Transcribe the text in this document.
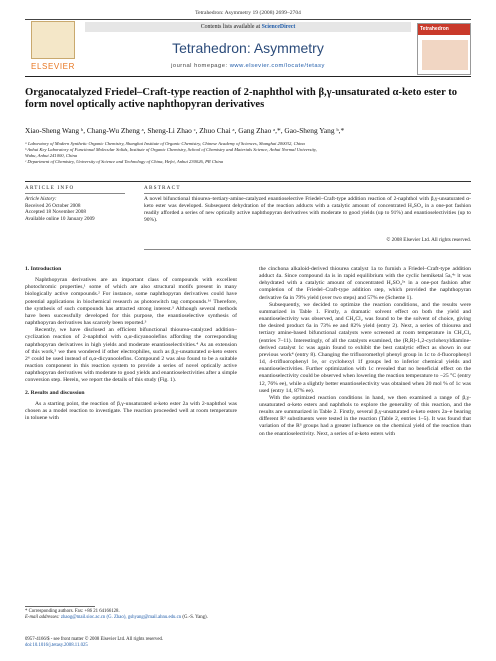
Tetrahedron: Asymmetry 19 (2008) 2699–2704
ELSEVIER
Contents lists available at ScienceDirect
Tetrahedron: Asymmetry
journal homepage: www.elsevier.com/locate/tetasy
Tetrahedron
Organocatalyzed Friedel–Craft-type reaction of 2-naphthol with β,γ-unsaturated α-keto ester to form novel optically active naphthopyran derivatives
Xiao-Sheng Wang ᵇ, Chang-Wu Zheng ᵃ, Sheng-Li Zhao ᶜ, Zhuo Chai ᵃ, Gang Zhao ᵃ,*, Gao-Sheng Yang ᵇ,*
ᵃ Laboratory of Modern Synthetic Organic Chemistry, Shanghai Institute of Organic Chemistry, Chinese Academy of Sciences, Shanghai 200032, China
ᵇ Anhui Key Laboratory of Functional Molecular Solids, Institute of Organic Chemistry, School of Chemistry and Materials Science, Anhui Normal University,
Wuhu, Anhui 241000, China
ᶜ Department of Chemistry, University of Science and Technology of China, Hefei, Anhui 230026, PR China
ARTICLE INFO
Article history:
Received 26 October 2008
Accepted 18 November 2008
Available online 10 January 2009
ABSTRACT
A novel bifunctional thiourea–tertiary-amine-catalyzed enantioselective Friedel–Craft-type addition reaction of 2-naphthol with β,γ-unsaturated α-keto ester was developed. Subsequent dehydration of the reaction adducts with a catalytic amount of concentrated H₂SO₄ in a one-pot fashion readily afforded a series of new optically active naphthopyran derivatives with moderate to good yields (up to 91%) and enantioselectivities (up to 90%).
© 2008 Elsevier Ltd. All rights reserved.

1. Introduction

Naphthopyran derivatives are an important class of compounds with excellent photochromic properties,¹ some of which are also structural motifs present in many biologically active compounds.² For instance, some naphthopyran derivatives could have potential applications in biochemical research as photoswitch tag compounds.¹ᵈ Therefore, the synthesis of such compounds has attracted strong interest.³ Although several methods have been successfully developed for this purpose, the enantioselective synthesis of naphthopyran derivatives has scarcely been reported.³

Recently, we have disclosed an efficient bifunctional thiourea-catalyzed addition–cyclization reaction of 2-naphthol with α,α-dicyanoolefins affording the corresponding naphthopyran derivatives in high yields and moderate enantioselectivities.⁴ As an extension of this work,⁵ we then wondered if other electrophiles, such as β,γ-unsaturated α-keto esters 2⁶ could be used instead of α,α-dicyanoolefins. Compound 2 was also found to be a suitable reaction component in this reaction system to provide a series of novel optically active naphthopyran derivatives with moderate to good yields and enantioselectivities after a simple conversion step. Herein, we report the details of this study (Fig. 1).

2. Results and discussion

As a starting point, the reaction of β,γ-unsaturated α-keto ester 2a with 2-naphthol was chosen as a model reaction to investigate. The reaction proceeded well at room temperature in toluene with

the cinchona alkaloid-derived thiourea catalyst 1a to furnish a Friedel–Craft-type addition adduct 4a. Since compound 4a is in rapid equilibrium with the cyclic hemiketal 5a,⁴ᶜ it was dehydrated with a catalytic amount of concentrated H₂SO₄⁵ᵃ in a one-pot fashion after completion of the Friedel–Craft-type addition step, which provided the naphthopyran derivative 6a in 79% yield (over two steps) and 57% ee (Scheme 1).

Subsequently, we decided to optimize the reaction conditions, and the results were summarized in Table 1. Firstly, a dramatic solvent effect on both the yield and enantioselectivity was observed, and CH₂Cl₂ was found to be the solvent of choice, giving the desired product 6a in 73% ee and 82% yield (entry 2). Next, a series of thiourea and tertiary amine-based bifunctional catalysts were screened at room temperature in CH₂Cl₂ (entries 7–11). Interestingly, of all the catalysts examined, the (R,R)-1,2-cyclohexyldiamine-derived catalyst 1c was again found to exhibit the best catalytic effect as shown in our previous work⁴ (entry 8). Changing the trifluoromethyl phenyl group in 1c to 4-fluorophenyl 1d, 4-trifluorophenyl 1e, or cyclohexyl 1f groups led to inferior chemical yields and enantioselectivities. Further optimization with 1c revealed that no beneficial effect on the enantioselectivity could be observed when lowering the reaction temperature to −25 °C (entry 12, 76% ee), while a slightly better enantioselectivity was obtained when 20 mol % of 1c was used (entry 14, 87% ee).

With the optimized reaction conditions in hand, we then examined a range of β,γ-unsaturated α-keto esters and naphthols to explore the generality of this reaction, and the results are summarized in Table 2. Firstly, several β,γ-unsaturated α-keto esters 2a–e bearing different R³ substituents were tested in the reaction (Table 2, entries 1–5). It was found that variation of the R³ groups had a greater influence on the chemical yield of the reaction than on the enantioselectivity. Next, a series of α-keto esters with

* Corresponding authors. Fax: +86 21 64166128.
E-mail addresses: zhaog@mail.sioc.ac.cn (G. Zhao), gshyang@mail.ahnu.edu.cn (G.-S. Yang).
0957-4166/$ - see front matter © 2008 Elsevier Ltd. All rights reserved.
doi:10.1016/j.tetasy.2008.11.025
